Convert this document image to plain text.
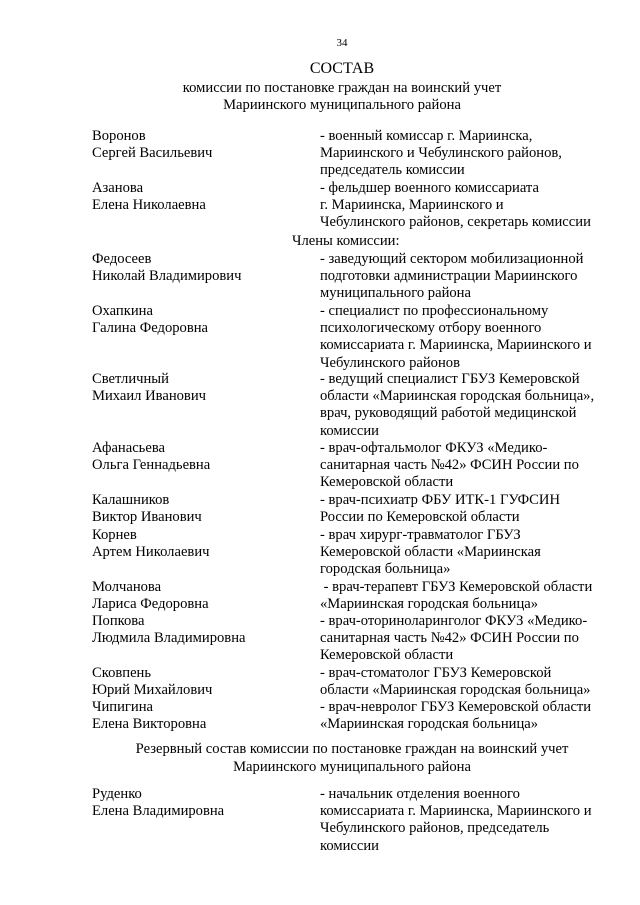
34
СОСТАВ
комиссии по постановке граждан на воинский учет
Мариинского муниципального района
Воронов
Сергей Васильевич
- военный комиссар г. Мариинска,
Мариинского и Чебулинского районов,
председатель комиссии
Азанова
Елена Николаевна
- фельдшер военного комиссариата
г. Мариинска, Мариинского и
Чебулинского районов, секретарь комиссии
Члены комиссии:
Федосеев
Николай Владимирович
- заведующий сектором мобилизационной
подготовки администрации Мариинского
муниципального района
Охапкина
Галина Федоровна
- специалист по профессиональному
психологическому отбору военного
комиссариата г. Мариинска, Мариинского и
Чебулинского районов
Светличный
Михаил Иванович
- ведущий специалист ГБУЗ Кемеровской
области «Мариинская городская больница»,
врач, руководящий работой медицинской
комиссии
Афанасьева
Ольга Геннадьевна
- врач-офтальмолог ФКУЗ «Медико-
санитарная часть №42» ФСИН России по
Кемеровской области
Калашников
Виктор Иванович
- врач-психиатр ФБУ ИТК-1 ГУФСИН
России по Кемеровской области
Корнев
Артем Николаевич
- врач хирург-травматолог ГБУЗ
Кемеровской области «Мариинская
городская больница»
Молчанова
Лариса Федоровна
- врач-терапевт ГБУЗ Кемеровской области
«Мариинская городская больница»
Попкова
Людмила Владимировна
- врач-оториноларинголог ФКУЗ «Медико-
санитарная часть №42» ФСИН России по
Кемеровской области
Сковпень
Юрий Михайлович
- врач-стоматолог ГБУЗ Кемеровской
области «Мариинская городская больница»
Чипигина
Елена Викторовна
- врач-невролог ГБУЗ Кемеровской области
«Мариинская городская больница»
Резервный состав комиссии по постановке граждан на воинский учет
Мариинского муниципального района
Руденко
Елена Владимировна
- начальник отделения военного
комиссариата г. Мариинска, Мариинского и
Чебулинского районов, председатель
комиссии
